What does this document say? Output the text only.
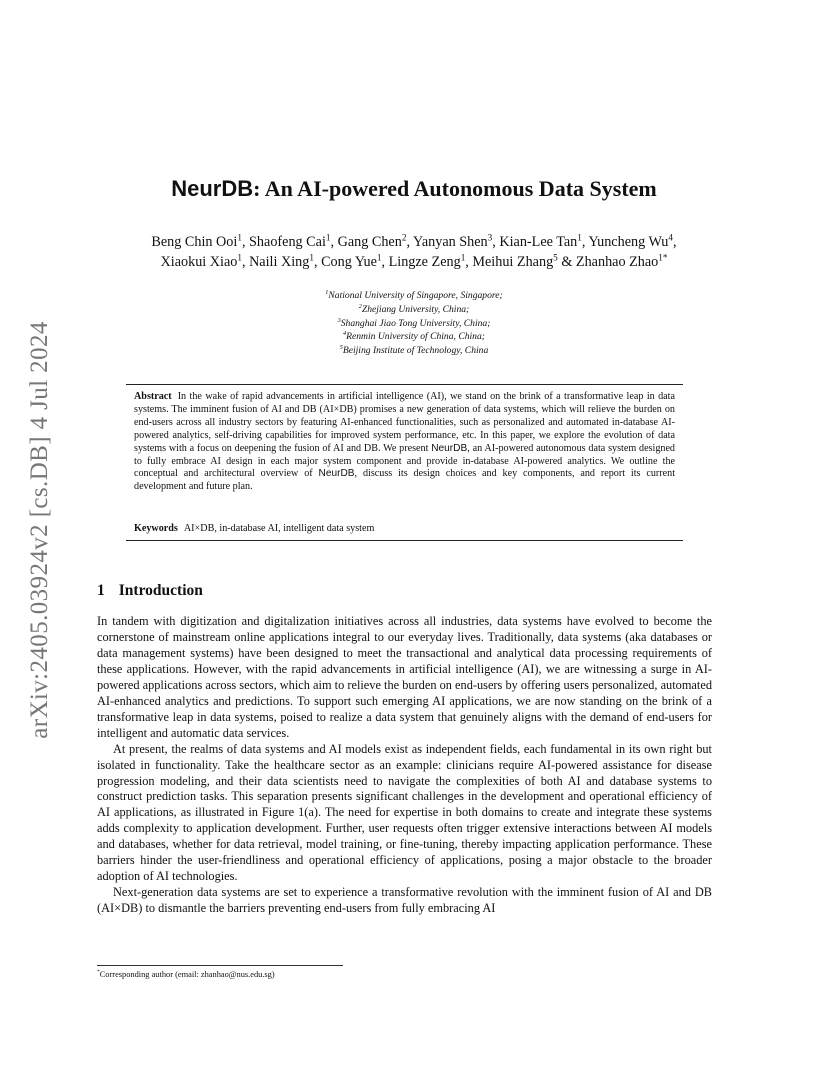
arXiv:2405.03924v2 [cs.DB] 4 Jul 2024
NeurDB: An AI-powered Autonomous Data System
Beng Chin Ooi$^1$, Shaofeng Cai$^1$, Gang Chen$^2$, Yanyan Shen$^3$, Kian-Lee Tan$^1$, Yuncheng Wu$^4$,
Xiaokui Xiao$^1$, Naili Xing$^1$, Cong Yue$^1$, Lingze Zeng$^1$, Meihui Zhang$^5$ & Zhanhao Zhao$^{1*}$
$^1$National University of Singapore, Singapore;
$^2$Zhejiang University, China;
$^3$Shanghai Jiao Tong University, China;
$^4$Renmin University of China, China;
$^5$Beijing Institute of Technology, China
Abstract In the wake of rapid advancements in artificial intelligence (AI), we stand on the brink of a transformative leap in data systems. The imminent fusion of AI and DB (AI×DB) promises a new generation of data systems, which will relieve the burden on end-users across all industry sectors by featuring AI-enhanced functionalities, such as personalized and automated in-database AI-powered analytics, self-driving capabilities for improved system performance, etc. In this paper, we explore the evolution of data systems with a focus on deepening the fusion of AI and DB. We present NeurDB, an AI-powered autonomous data system designed to fully embrace AI design in each major system component and provide in-database AI-powered analytics. We outline the conceptual and architectural overview of NeurDB, discuss its design choices and key components, and report its current development and future plan.
Keywords AI×DB, in-database AI, intelligent data system
1 Introduction

In tandem with digitization and digitalization initiatives across all industries, data systems have evolved to become the cornerstone of mainstream online applications integral to our everyday lives. Traditionally, data systems (aka databases or data management systems) have been designed to meet the transactional and analytical data processing requirements of these applications. However, with the rapid advancements in artificial intelligence (AI), we are witnessing a surge in AI-powered applications across sectors, which aim to relieve the burden on end-users by offering users personalized, automated AI-enhanced analytics and predictions. To support such emerging AI applications, we are now standing on the brink of a transformative leap in data systems, poised to realize a data system that genuinely aligns with the demand of end-users for intelligent and automatic data services.

At present, the realms of data systems and AI models exist as independent fields, each fundamental in its own right but isolated in functionality. Take the healthcare sector as an example: clinicians require AI-powered assistance for disease progression modeling, and their data scientists need to navigate the complexities of both AI and database systems to construct prediction tasks. This separation presents significant challenges in the development and operational efficiency of AI applications, as illustrated in Figure 1(a). The need for expertise in both domains to create and integrate these systems adds complexity to application development. Further, user requests often trigger extensive interactions between AI models and databases, whether for data retrieval, model training, or fine-tuning, thereby impacting application performance. These barriers hinder the user-friendliness and operational efficiency of applications, posing a major obstacle to the broader adoption of AI technologies.

Next-generation data systems are set to experience a transformative revolution with the imminent fusion of AI and DB (AI×DB) to dismantle the barriers preventing end-users from fully embracing AI

*Corresponding author (email: zhanhao@nus.edu.sg)
